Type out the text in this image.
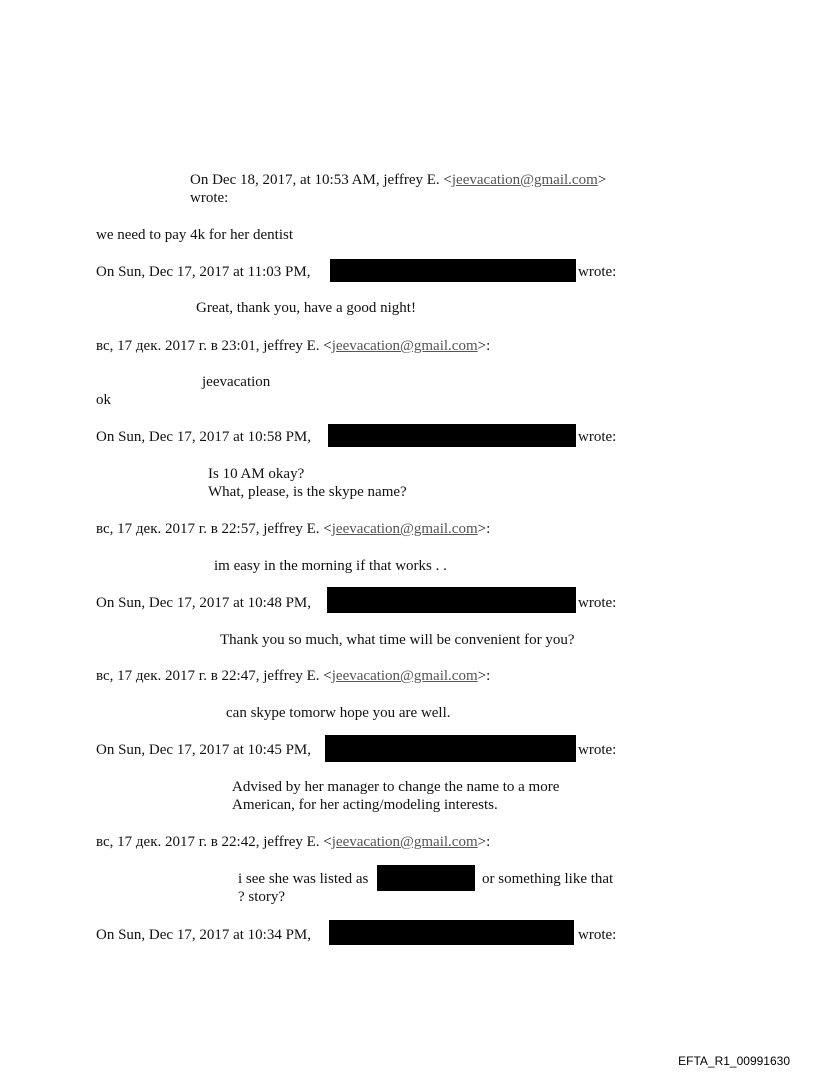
On Dec 18, 2017, at 10:53 AM, jeffrey E. <jeevacation@gmail.com>
wrote:
we need to pay 4k for her dentist
On Sun, Dec 17, 2017 at 11:03 PM,	wrote:
Great, thank you, have a good night!
вс, 17 дек. 2017 г. в 23:01, jeffrey E. <jeevacation@gmail.com>:
jeevacation
ok
On Sun, Dec 17, 2017 at 10:58 PM,	wrote:
Is 10 AM okay?
What, please, is the skype name?
вс, 17 дек. 2017 г. в 22:57, jeffrey E. <jeevacation@gmail.com>:
im easy in the morning if that works . .
On Sun, Dec 17, 2017 at 10:48 PM,	wrote:
Thank you so much, what time will be convenient for you?
вс, 17 дек. 2017 г. в 22:47, jeffrey E. <jeevacation@gmail.com>:
can skype tomorw hope you are well.
On Sun, Dec 17, 2017 at 10:45 PM,	wrote:
Advised by her manager to change the name to a more
American, for her acting/modeling interests.
вс, 17 дек. 2017 г. в 22:42, jeffrey E. <jeevacation@gmail.com>:
i see she was listed as	or something like that
? story?
On Sun, Dec 17, 2017 at 10:34 PM,	wrote:
EFTA_R1_00991630
